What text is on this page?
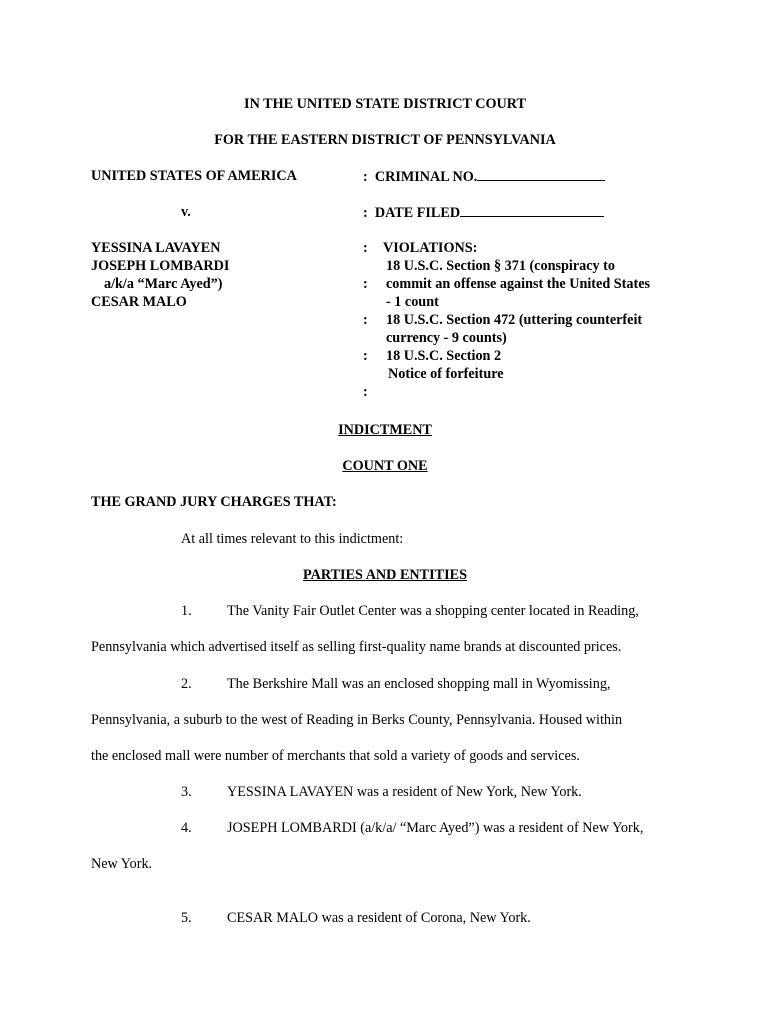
IN THE UNITED STATE DISTRICT COURT
FOR THE EASTERN DISTRICT OF PENNSYLVANIA
UNITED STATES OF AMERICA
v.
YESSINA LAVAYEN
JOSEPH LOMBARDI
a/k/a “Marc Ayed”)
CESAR MALO
: CRIMINAL NO.
: DATE FILED
: VIOLATIONS:
18 U.S.C. Section § 371 (conspiracy to
: commit an offense against the United States
- 1 count
: 18 U.S.C. Section 472 (uttering counterfeit
currency - 9 counts)
: 18 U.S.C. Section 2
Notice of forfeiture
:
INDICTMENT
COUNT ONE
THE GRAND JURY CHARGES THAT:
At all times relevant to this indictment:
PARTIES AND ENTITIES
1. The Vanity Fair Outlet Center was a shopping center located in Reading,
Pennsylvania which advertised itself as selling first-quality name brands at discounted prices.
2. The Berkshire Mall was an enclosed shopping mall in Wyomissing,
Pennsylvania, a suburb to the west of Reading in Berks County, Pennsylvania. Housed within
the enclosed mall were number of merchants that sold a variety of goods and services.
3. YESSINA LAVAYEN was a resident of New York, New York.
4. JOSEPH LOMBARDI (a/k/a/ “Marc Ayed”) was a resident of New York,
New York.
5. CESAR MALO was a resident of Corona, New York.
